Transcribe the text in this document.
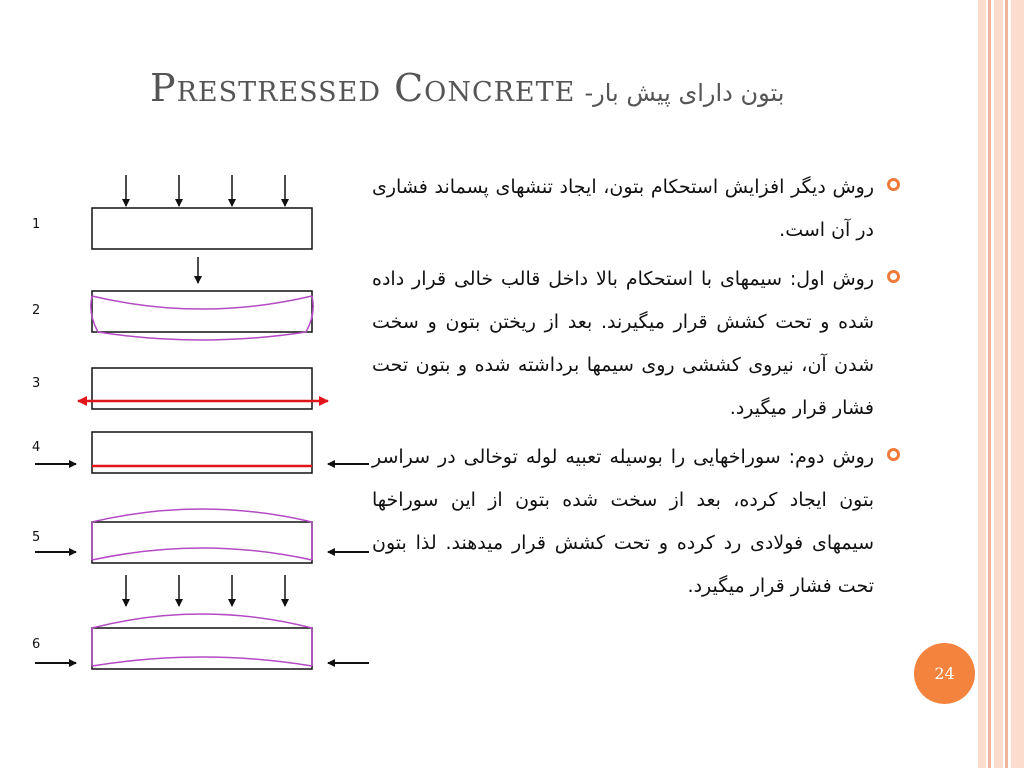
Prestressed Concrete بتون دارای پیش بار-
1
2
3
4
5
6
روش دیگر افزایش استحکام بتون، ایجاد تنشهای پسماند فشاری در آن است.
روش اول: سیمهای با استحکام بالا داخل قالب خالی قرار داده شده و تحت کشش قرار میگیرند. بعد از ریختن بتون و سخت شدن آن، نیروی کششی روی سیمها برداشته شده و بتون تحت فشار قرار میگیرد.
روش دوم: سوراخهایی را بوسیله تعبیه لوله توخالی در سراسر بتون ایجاد کرده، بعد از سخت شده بتون از این سوراخها سیمهای فولادی رد کرده و تحت کشش قرار میدهند. لذا بتون تحت فشار قرار میگیرد.
24
